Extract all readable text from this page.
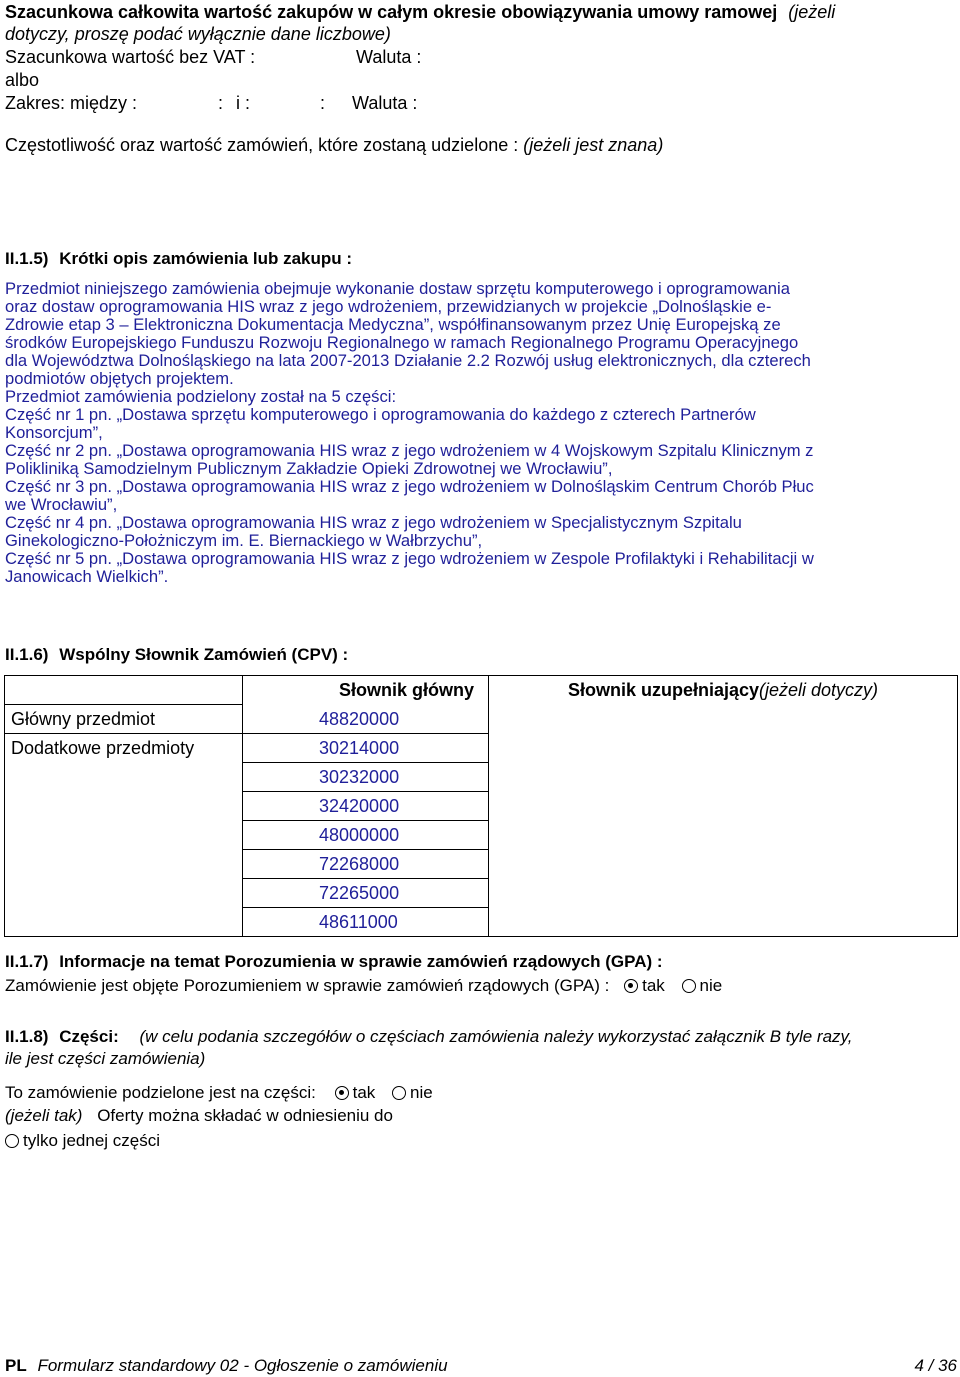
Szacunkowa całkowita wartość zakupów w całym okresie obowiązywania umowy ramowej (jeżeli
dotyczy, proszę podać wyłącznie dane liczbowe)
Szacunkowa wartość bez VAT :	Waluta :
albo
Zakres: między :	: i :	: Waluta :
Częstotliwość oraz wartość zamówień, które zostaną udzielone : (jeżeli jest znana)
II.1.5) Krótki opis zamówienia lub zakupu :
Przedmiot niniejszego zamówienia obejmuje wykonanie dostaw sprzętu komputerowego i oprogramowania
oraz dostaw oprogramowania HIS wraz z jego wdrożeniem, przewidzianych w projekcie „Dolnośląskie e-
Zdrowie etap 3 – Elektroniczna Dokumentacja Medyczna”, współfinansowanym przez Unię Europejską ze
środków Europejskiego Funduszu Rozwoju Regionalnego w ramach Regionalnego Programu Operacyjnego
dla Województwa Dolnośląskiego na lata 2007-2013 Działanie 2.2 Rozwój usług elektronicznych, dla czterech
podmiotów objętych projektem.
Przedmiot zamówienia podzielony został na 5 części:
Część nr 1 pn. „Dostawa sprzętu komputerowego i oprogramowania do każdego z czterech Partnerów
Konsorcjum”,
Część nr 2 pn. „Dostawa oprogramowania HIS wraz z jego wdrożeniem w 4 Wojskowym Szpitalu Klinicznym z
Polikliniką Samodzielnym Publicznym Zakładzie Opieki Zdrowotnej we Wrocławiu”,
Część nr 3 pn. „Dostawa oprogramowania HIS wraz z jego wdrożeniem w Dolnośląskim Centrum Chorób Płuc
we Wrocławiu”,
Część nr 4 pn. „Dostawa oprogramowania HIS wraz z jego wdrożeniem w Specjalistycznym Szpitalu
Ginekologiczno-Położniczym im. E. Biernackiego w Wałbrzychu”,
Część nr 5 pn. „Dostawa oprogramowania HIS wraz z jego wdrożeniem w Zespole Profilaktyki i Rehabilitacji w
Janowicach Wielkich”.
II.1.6) Wspólny Słownik Zamówień (CPV) :
	Słownik główny	Słownik uzupełniający(jeżeli dotyczy)
Główny przedmiot	48820000	
Dodatkowe przedmioty	30214000	
	30232000	
	32420000	
	48000000	
	72268000	
	72265000	
	48611000	
II.1.7) Informacje na temat Porozumienia w sprawie zamówień rządowych (GPA) :
Zamówienie jest objęte Porozumieniem w sprawie zamówień rządowych (GPA) : tak nie
II.1.8) Części: (w celu podania szczegółów o częściach zamówienia należy wykorzystać załącznik B tyle razy,
ile jest części zamówienia)
To zamówienie podzielone jest na części: tak nie
(jeżeli tak) Oferty można składać w odniesieniu do
tylko jednej części
PL Formularz standardowy 02 - Ogłoszenie o zamówieniu	4 / 36
